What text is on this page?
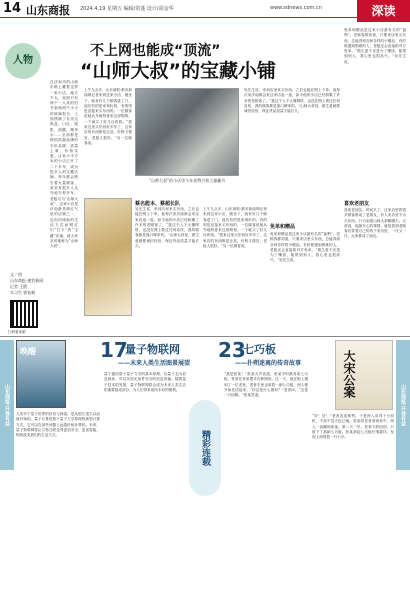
14 山东商报 2024.4.19 星期五 编辑/贺蓬 设计/胡金华	www.sdnews.com.cn	深读
人物
不上网也能成“顶流”
“山师大叔”的宝藏小铺
在济南市的山师东路上藏着这样一家小店，地方不大，里面只有两个一人高的旧书架和两个小小的玻璃柜台，上面摆满了各类无纸盒、口红、眼影、面膜、精华水……全部都是韩国高端品牌的平价品牌，质量上乘，价格实惠。这家小平方米的小店已开了二十多年，成为很多人的宝藏店铺。每年都会吸引着大量顾客，甚至有很多人从外地专程开车，老板名为“山师大叔”，这家小店是济南最具网红气质的店铺之一，也因同城新的生活方式而网红们“打卡”的“宝藏”店铺，被大家亲切地称为“山师大叔”。
“山师大叔”的小店里今年获赞引着大量藏书
上午九点多，山东商报·都市新闻网记者来到这家小店，刚坐下，就有好几个顾客进了门，他们有的是来询价的，有的则是直接来买东西的。一位顾客说她从外地特意来这里购物，一下就买了好几百块钱。“我来这里买东西好多年了，这家店的东西都是正品，价格又便宜，老板人很好。”另一位顾客说。
蔡名能本、蔡超长队
吴先生说，来到店里来买东西，之后也能在网上下单，他每次来济南都会来这家店逛一逛，如今他的小店已经积累了许多的老顾客了。“我这个人不太懂网络，也没在网上做过任何宣传，我的顾客都是靠口碑来的。”山师大叔说，做生意就要诚信经营，保证货品质量才能长久。
上午九点多，山东商报·都市新闻网记者来到这家小店，刚坐下，就有好几个顾客进了门，他们有的是来询价的，有的则是直接来买东西的。一位顾客说她从外地特意来这里购物，一下就买了好几百块钱。“我来这里买东西好多年了，这家店的东西都是正品，价格又便宜，老板人很好。”另一位顾客说。
吴先生说，来到店里来买东西，之后也能在网上下单，他每次来济南都会来这家店逛一逛，如今他的小店已经积累了许多的老顾客了。“我这个人不太懂网络，也没在网上做过任何宣传，我的顾客都是靠口碑来的。”山师大叔说，做生意就要诚信经营，保证货品质量才能长久。
免单和赠品
免单和赠品是这家小店最有名的“福利”。老顾客都知道，只要来店里买东西，总能得到各种各样的小赠品，有时候遇到困难的人，老板还会直接给对方免单。“做生意不光是为了赚钱，能帮到别人，我心里也很高兴。”吴先生说。
免单和赠品是这家小店最有名的“福利”。老顾客都知道，只要来店里买东西，总能得到各种各样的小赠品，有时候遇到困难的人，老板还会直接给对方免单。“做生意不光是为了赚钱，能帮到别人，我心里也很高兴。”吴先生说。
喜欢老朋友
喜欢老朋友。时间久了，这家店里的很多顾客都成了老朋友，有人来店里不为买东西，只为来跟山师大叔聊聊天。大叔说，他最开心的事情，就是看到老顾客们带着自己的孩子来店里，一代又一代，大家都成了朋友。
文／图
山东商报·速豹新闻
记者 王鸥
实习生 郭钰帆
扫码看视频
山东商报·开卷有益
唤醒	17
量子物联网
——未来人类生活图景展望
人类对于量子世界的好奇与探索，是从很久很久以前就开始的。量子计算是基于量子力学原理的新型计算方式，它可以在某些问题上远超传统计算机。未来，量子物联网将让万物互联变得更加安全、更加智能，彻底改变我们的生活方式。
量子通信基于量子力学的基本原理，以量子态为信息载体，可以实现无条件安全的信息传输。随着量子技术的发展，量子物联网将会成为未来人类生活的重要组成部分，为人们带来前所未有的便利。
精彩连载
23
七巧板
——扑朔迷离的传奇故事
“我是张某！”张某大声说道。张某平时最喜欢七巧板，常常在家里摆弄各种图形。这一天，他在街上遇到了一位老者，老者手里也拿着一副七巧板，两人便开始比试起来。“你这是什么图形？”老者问。“这是一只仙鹤。”张某答道。	大宋公案
“好！好！”老者连连称赞。于是两人谈得十分投机，不知不觉天色已晚。张某将老者请到家中，两人一直聊到深夜。第二天一早，老者不辞而别，只留下了那副七巧板。张某拿起七巧板仔细端详，发现上面刻着一行小字。
山东商报·开卷有益
